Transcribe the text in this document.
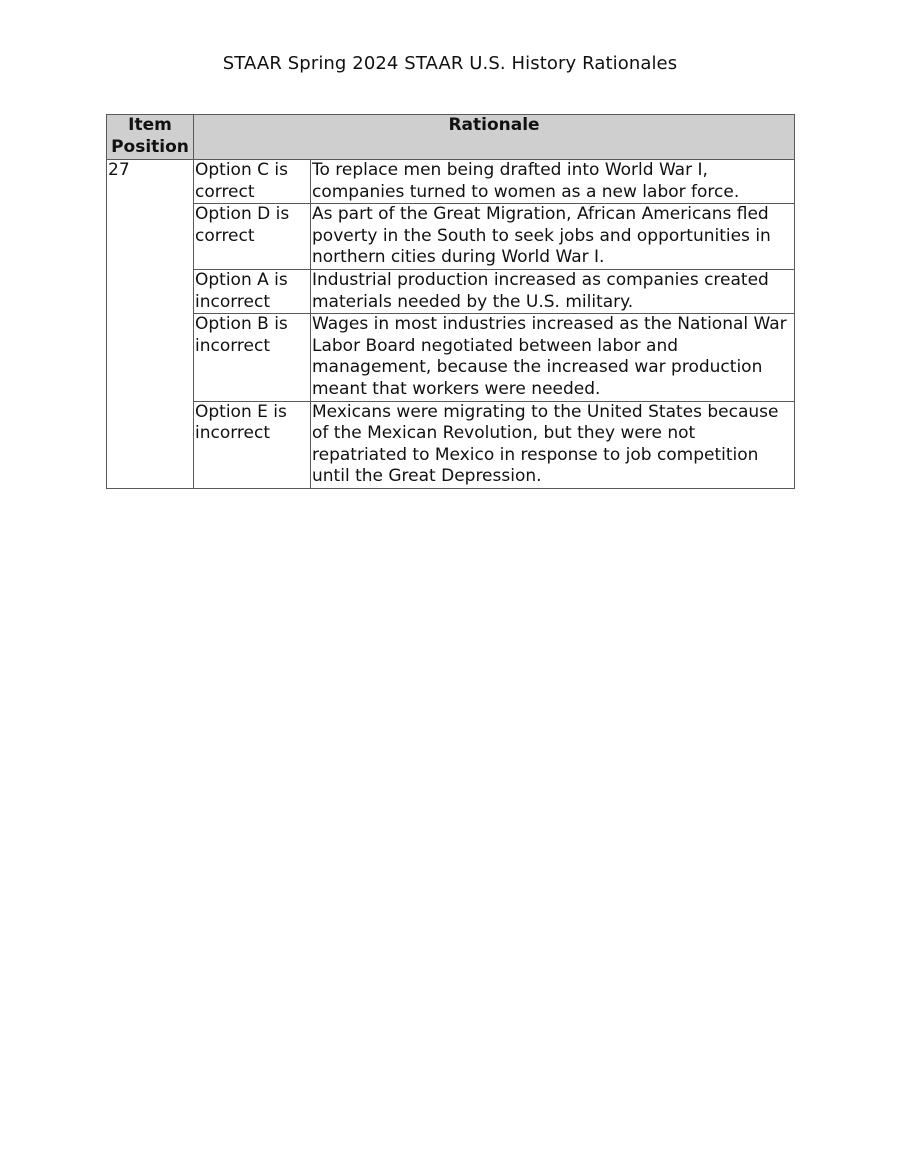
STAAR Spring 2024 STAAR U.S. History Rationales
Item Position	Rationale	
27	Option C is correct	To replace men being drafted into World War I, companies turned to women as a new labor force.
	Option D is correct	As part of the Great Migration, African Americans fled poverty in the South to seek jobs and opportunities in northern cities during World War I.
	Option A is incorrect	Industrial production increased as companies created materials needed by the U.S. military.
	Option B is incorrect	Wages in most industries increased as the National War Labor Board negotiated between labor and management, because the increased war production meant that workers were needed.
	Option E is incorrect	Mexicans were migrating to the United States because of the Mexican Revolution, but they were not repatriated to Mexico in response to job competition until the Great Depression.
